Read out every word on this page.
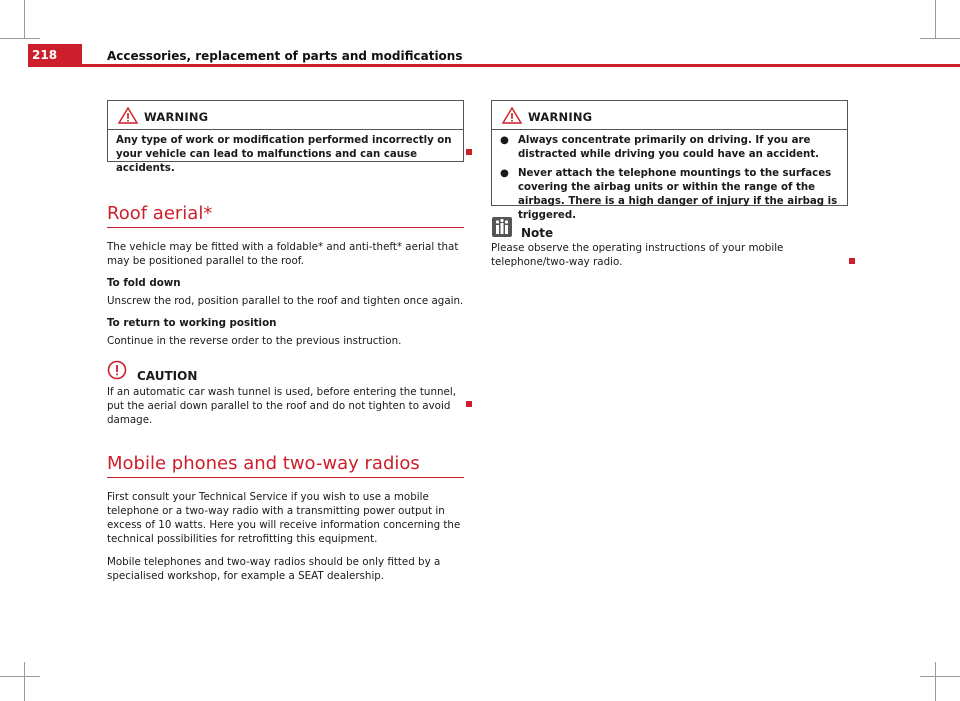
218	Accessories, replacement of parts and modifications
WARNING

Any type of work or modification performed incorrectly on your vehicle can lead to malfunctions and can cause accidents.

Roof aerial*
The vehicle may be fitted with a foldable* and anti-theft* aerial that may be positioned parallel to the roof.
To fold down
Unscrew the rod, position parallel to the roof and tighten once again.
To return to working position
Continue in the reverse order to the previous instruction.
CAUTION
If an automatic car wash tunnel is used, before entering the tunnel, put the aerial down parallel to the roof and do not tighten to avoid damage.
Mobile phones and two-way radios
First consult your Technical Service if you wish to use a mobile telephone or a two-way radio with a transmitting power output in excess of 10 watts. Here you will receive information concerning the technical possibilities for retrofitting this equipment.
Mobile telephones and two-way radios should be only fitted by a specialised workshop, for example a SEAT dealership.
WARNING
● Always concentrate primarily on driving. If you are distracted while driving you could have an accident.
● Never attach the telephone mountings to the surfaces covering the airbag units or within the range of the airbags. There is a high danger of injury if the airbag is triggered.
Note
Please observe the operating instructions of your mobile telephone/two-way radio.
